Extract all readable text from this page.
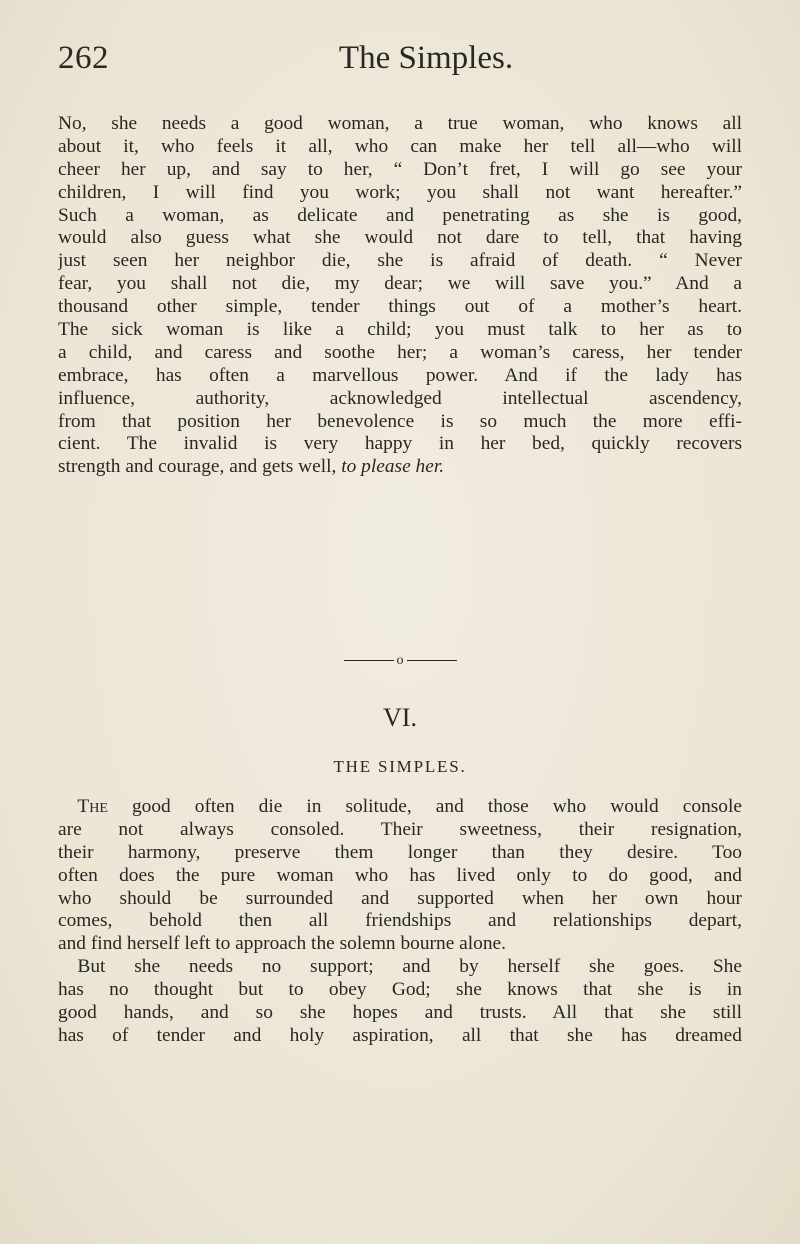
262	The Simples.
No, she needs a good woman, a true woman, who knows all
about it, who feels it all, who can make her tell all—who will
cheer her up, and say to her, “ Don’t fret, I will go see your
children, I will find you work; you shall not want hereafter.”
Such a woman, as delicate and penetrating as she is good,
would also guess what she would not dare to tell, that having
just seen her neighbor die, she is afraid of death. “ Never
fear, you shall not die, my dear; we will save you.” And a
thousand other simple, tender things out of a mother’s heart.
The sick woman is like a child; you must talk to her as to
a child, and caress and soothe her; a woman’s caress, her tender
embrace, has often a marvellous power. And if the lady has
influence, authority, acknowledged intellectual ascendency,
from that position her benevolence is so much the more effi-
cient. The invalid is very happy in her bed, quickly recovers
strength and courage, and gets well, to please her.
o
VI.
THE SIMPLES.
 The good often die in solitude, and those who would console
are not always consoled. Their sweetness, their resignation,
their harmony, preserve them longer than they desire. Too
often does the pure woman who has lived only to do good, and
who should be surrounded and supported when her own hour
comes, behold then all friendships and relationships depart,
and find herself left to approach the solemn bourne alone.
 But she needs no support; and by herself she goes. She
has no thought but to obey God; she knows that she is in
good hands, and so she hopes and trusts. All that she still
has of tender and holy aspiration, all that she has dreamed
